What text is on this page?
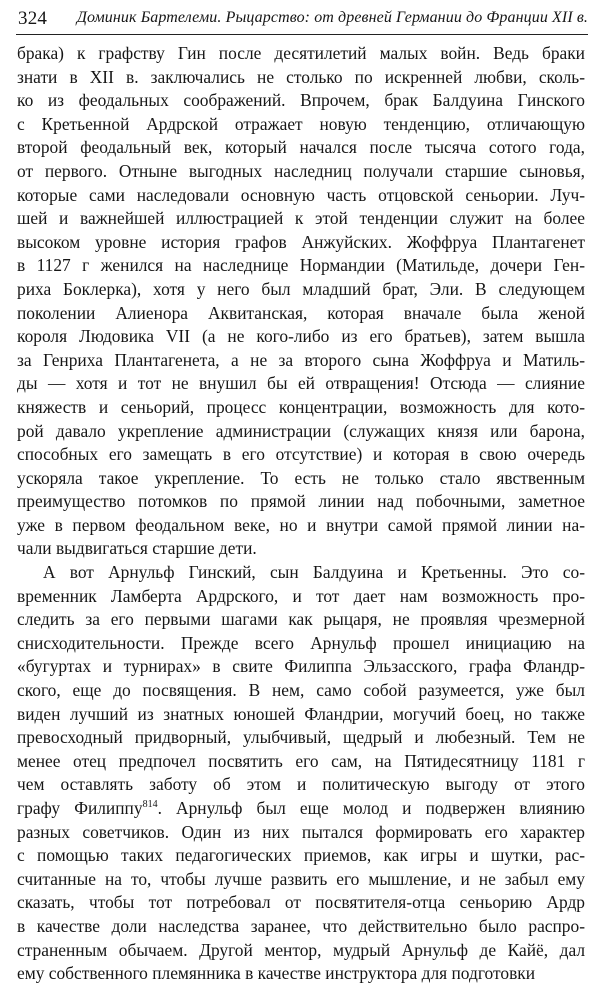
324 Доминик Бартелеми. Рыцарство: от древней Германии до Франции XII в.
брака) к графству Гин после десятилетий малых войн. Ведь браки
знати в XII в. заключались не столько по искренней любви, сколь-
ко из феодальных соображений. Впрочем, брак Балдуина Гинского
с Кретьенной Ардрской отражает новую тенденцию, отличающую
второй феодальный век, который начался после тысяча сотого года,
от первого. Отныне выгодных наследниц получали старшие сыновья,
которые сами наследовали основную часть отцовской сеньории. Луч-
шей и важнейшей иллюстрацией к этой тенденции служит на более
высоком уровне история графов Анжуйских. Жоффруа Плантагенет
в 1127 г женился на наследнице Нормандии (Матильде, дочери Ген-
риха Боклерка), хотя у него был младший брат, Эли. В следующем
поколении Алиенора Аквитанская, которая вначале была женой
короля Людовика VII (а не кого-либо из его братьев), затем вышла
за Генриха Плантагенета, а не за второго сына Жоффруа и Матиль-
ды — хотя и тот не внушил бы ей отвращения! Отсюда — слияние
княжеств и сеньорий, процесс концентрации, возможность для кото-
рой давало укрепление администрации (служащих князя или барона,
способных его замещать в его отсутствие) и которая в свою очередь
ускоряла такое укрепление. То есть не только стало явственным
преимущество потомков по прямой линии над побочными, заметное
уже в первом феодальном веке, но и внутри самой прямой линии на-
чали выдвигаться старшие дети.
А вот Арнульф Гинский, сын Балдуина и Кретьенны. Это со-
временник Ламберта Ардрского, и тот дает нам возможность про-
следить за его первыми шагами как рыцаря, не проявляя чрезмерной
снисходительности. Прежде всего Арнульф прошел инициацию на
«бугуртах и турнирах» в свите Филиппа Эльзасского, графа Фландр-
ского, еще до посвящения. В нем, само собой разумеется, уже был
виден лучший из знатных юношей Фландрии, могучий боец, но также
превосходный придворный, улыбчивый, щедрый и любезный. Тем не
менее отец предпочел посвятить его сам, на Пятидесятницу 1181 г
чем оставлять заботу об этом и политическую выгоду от этого
графу Филиппу$^{814}$. Арнульф был еще молод и подвержен влиянию
разных советчиков. Один из них пытался формировать его характер
с помощью таких педагогических приемов, как игры и шутки, рас-
считанные на то, чтобы лучше развить его мышление, и не забыл ему
сказать, чтобы тот потребовал от посвятителя-отца сеньорию Ардр
в качестве доли наследства заранее, что действительно было распро-
страненным обычаем. Другой ментор, мудрый Арнульф де Кайё, дал
ему собственного племянника в качестве инструктора для подготовки
